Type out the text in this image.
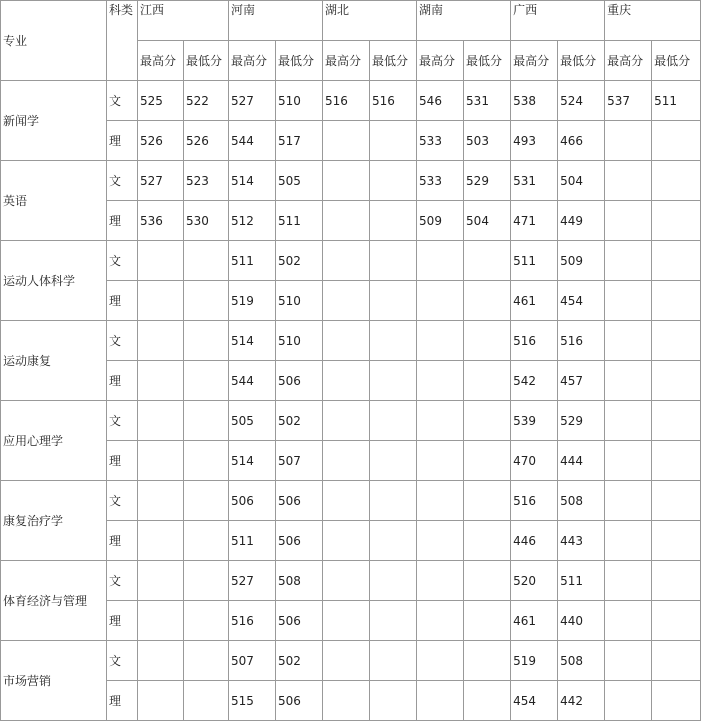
专业	科类	江西		河南		湖北		湖南		广西		重庆	
		最高分	最低分	最高分	最低分	最高分	最低分	最高分	最低分	最高分	最低分	最高分	最低分
新闻学	文	525	522	527	510	516	516	546	531	538	524	537	511
	理	526	526	544	517			533	503	493	466		
英语	文	527	523	514	505			533	529	531	504		
	理	536	530	512	511			509	504	471	449		
运动人体科学	文			511	502					511	509		
	理			519	510					461	454		
运动康复	文			514	510					516	516		
	理			544	506					542	457		
应用心理学	文			505	502					539	529		
	理			514	507					470	444		
康复治疗学	文			506	506					516	508		
	理			511	506					446	443		
体育经济与管理	文			527	508					520	511		
	理			516	506					461	440		
市场营销	文			507	502					519	508		
	理			515	506					454	442		
